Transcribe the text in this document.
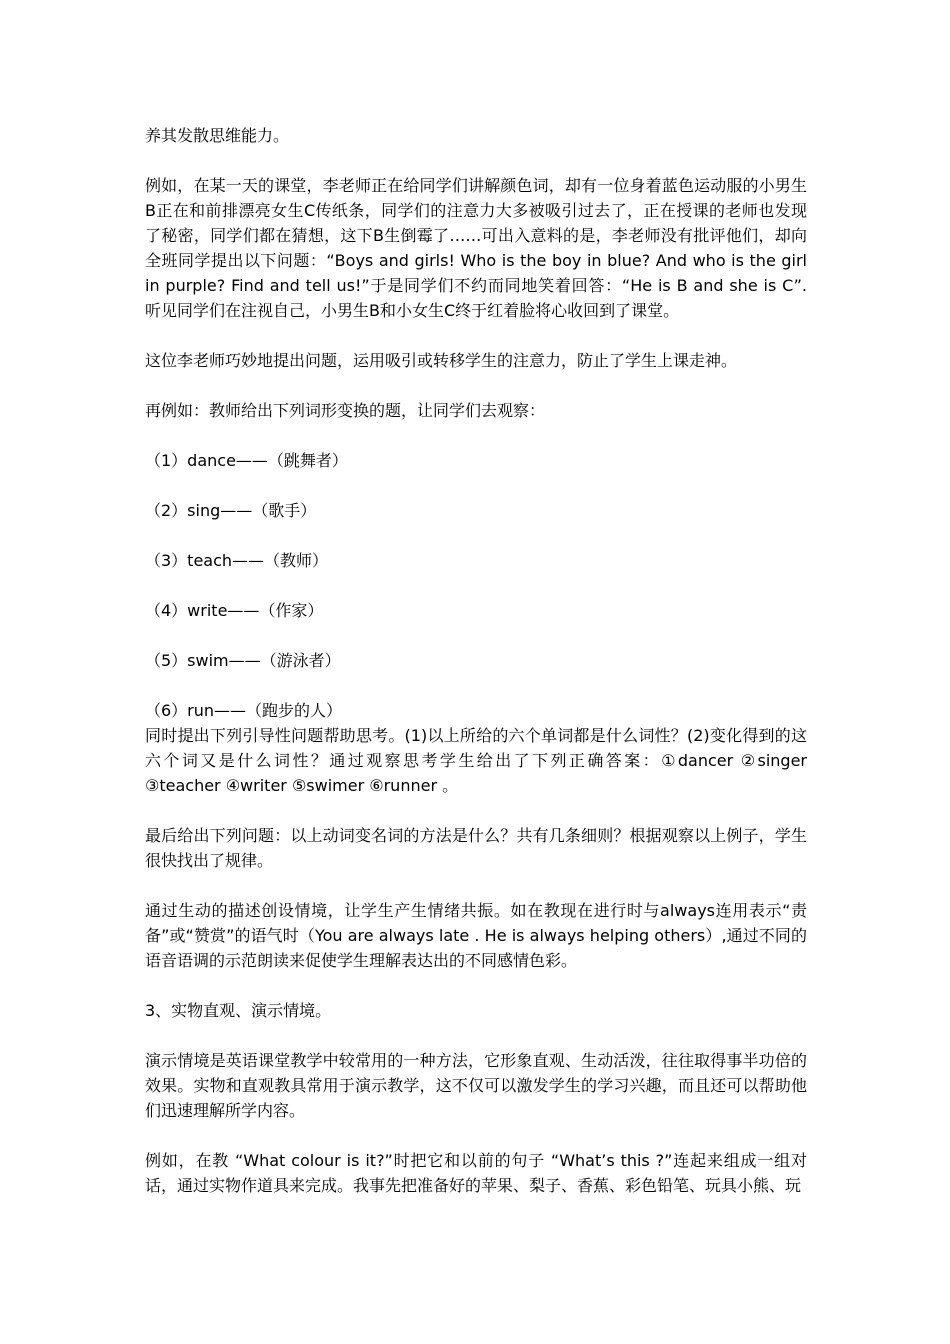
养其发散思维能力。

例如，在某一天的课堂，李老师正在给同学们讲解颜色词，却有一位身着蓝色运动服的小男生B正在和前排漂亮女生C传纸条，同学们的注意力大多被吸引过去了，正在授课的老师也发现了秘密，同学们都在猜想，这下B生倒霉了……可出入意料的是，李老师没有批评他们，却向全班同学提出以下问题：“Boys and girls! Who is the boy in blue? And who is the girl in purple? Find and tell us!”于是同学们不约而同地笑着回答：“He is B and she is C”. 听见同学们在注视自己，小男生B和小女生C终于红着脸将心收回到了课堂。

这位李老师巧妙地提出问题，运用吸引或转移学生的注意力，防止了学生上课走神。

再例如：教师给出下列词形变换的题，让同学们去观察：

（1）dance——（跳舞者）

（2）sing——（歌手）

（3）teach——（教师）

（4）write——（作家）

（5）swim——（游泳者）

（6）run——（跑步的人）

同时提出下列引导性问题帮助思考。(1)以上所给的六个单词都是什么词性？(2)变化得到的这六个词又是什么词性？通过观察思考学生给出了下列正确答案：①dancer ②singer ③teacher ④writer ⑤swimer ⑥runner 。

最后给出下列问题：以上动词变名词的方法是什么？共有几条细则？根据观察以上例子，学生很快找出了规律。

通过生动的描述创设情境，让学生产生情绪共振。如在教现在进行时与always连用表示“责备”或“赞赏”的语气时（You are always late . He is always helping others）,通过不同的语音语调的示范朗读来促使学生理解表达出的不同感情色彩。

3、实物直观、演示情境。

演示情境是英语课堂教学中较常用的一种方法，它形象直观、生动活泼，往往取得事半功倍的效果。实物和直观教具常用于演示教学，这不仅可以激发学生的学习兴趣，而且还可以帮助他们迅速理解所学内容。

例如，在教 “What colour is it?”时把它和以前的句子 “What’s this ?”连起来组成一组对话，通过实物作道具来完成。我事先把准备好的苹果、梨子、香蕉、彩色铅笔、玩具小熊、玩
